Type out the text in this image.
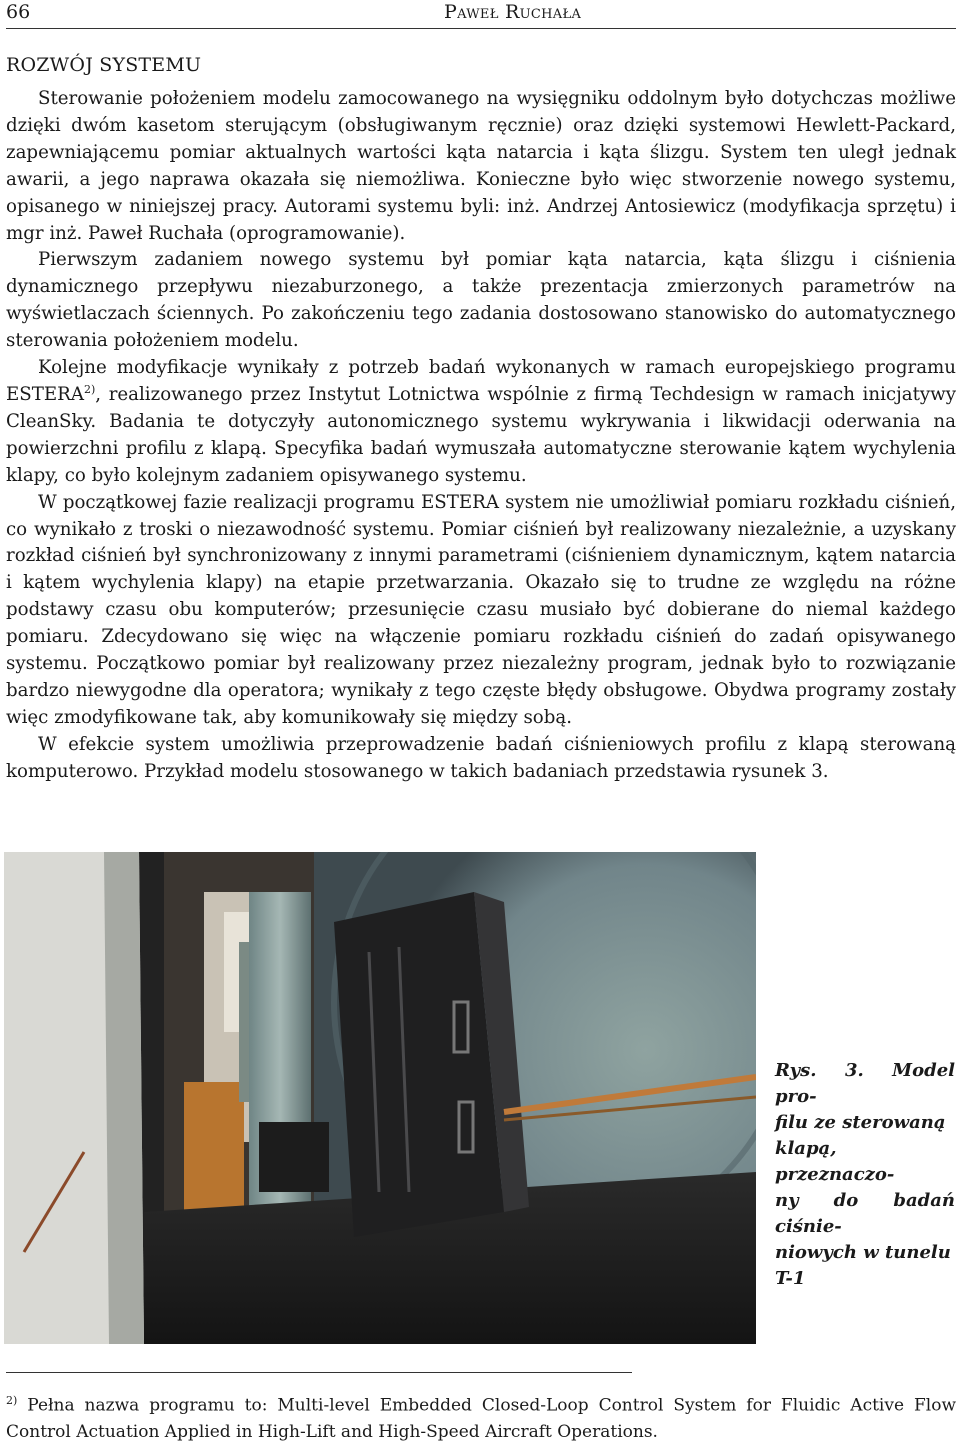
66	Paweł Ruchała
ROZWÓJ SYSTEMU

Sterowanie położeniem modelu zamocowanego na wysięgniku oddolnym było dotychczas możliwe dzięki dwóm kasetom sterującym (obsługiwanym ręcznie) oraz dzięki systemowi Hewlett-Packard, zapewniającemu pomiar aktualnych wartości kąta natarcia i kąta ślizgu. System ten uległ jednak awarii, a jego naprawa okazała się niemożliwa. Konieczne było więc stworzenie nowego systemu, opisanego w niniejszej pracy. Autorami systemu byli: inż. Andrzej Antosiewicz (modyfikacja sprzętu) i mgr inż. Paweł Ruchała (oprogramowanie).

Pierwszym zadaniem nowego systemu był pomiar kąta natarcia, kąta ślizgu i ciśnienia dynamicznego przepływu niezaburzonego, a także prezentacja zmierzonych parametrów na wyświetlaczach ściennych. Po zakończeniu tego zadania dostosowano stanowisko do automatycznego sterowania położeniem modelu.

Kolejne modyfikacje wynikały z potrzeb badań wykonanych w ramach europejskiego programu ESTERA$^{2)}$, realizowanego przez Instytut Lotnictwa wspólnie z firmą Techdesign w ramach inicjatywy CleanSky. Badania te dotyczyły autonomicznego systemu wykrywania i likwidacji oderwania na powierzchni profilu z klapą. Specyfika badań wymuszała automatyczne sterowanie kątem wychylenia klapy, co było kolejnym zadaniem opisywanego systemu.

W początkowej fazie realizacji programu ESTERA system nie umożliwiał pomiaru rozkładu ciśnień, co wynikało z troski o niezawodność systemu. Pomiar ciśnień był realizowany niezależnie, a uzyskany rozkład ciśnień był synchronizowany z innymi parametrami (ciśnieniem dynamicznym, kątem natarcia i kątem wychylenia klapy) na etapie przetwarzania. Okazało się to trudne ze względu na różne podstawy czasu obu komputerów; przesunięcie czasu musiało być dobierane do niemal każdego pomiaru. Zdecydowano się więc na włączenie pomiaru rozkładu ciśnień do zadań opisywanego systemu. Początkowo pomiar był realizowany przez niezależny program, jednak było to rozwiązanie bardzo niewygodne dla operatora; wynikały z tego częste błędy obsługowe. Obydwa programy zostały więc zmodyfikowane tak, aby komunikowały się między sobą.

W efekcie system umożliwia przeprowadzenie badań ciśnieniowych profilu z klapą sterowaną komputerowo. Przykład modelu stosowanego w takich badaniach przedstawia rysunek 3.

Rys. 3. Model pro-
filu ze sterowaną
klapą, przeznaczo-
ny do badań ciśnie-
niowych w tunelu
T-1
$^{2)}$ Pełna nazwa programu to: Multi-level Embedded Closed-Loop Control System for Fluidic Active Flow Control Actuation Applied in High-Lift and High-Speed Aircraft Operations.
